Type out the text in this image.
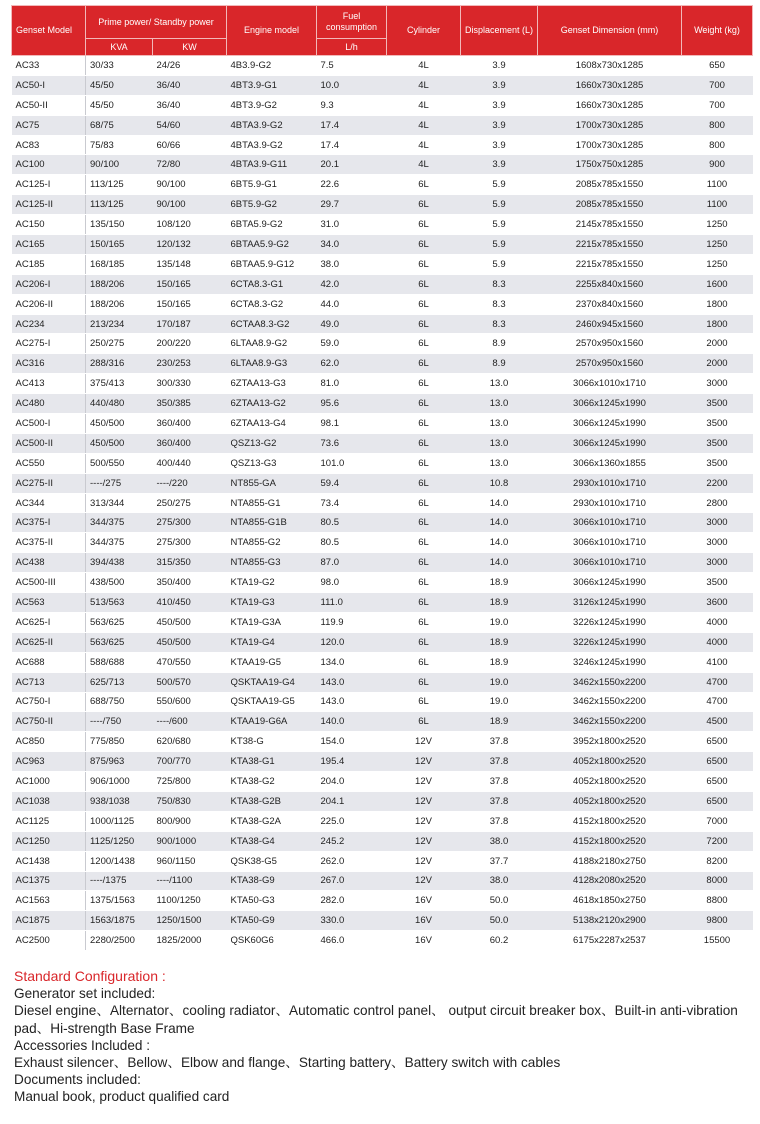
Genset Model	Prime power/ Standby power		Engine model	Fuel consumption	Cylinder	Displacement (L)	Genset Dimension (mm)	Weight (kg)
	KVA	KW		L/h				
AC33	30/33	24/26	4B3.9-G2	7.5	4L	3.9	1608x730x1285	650
AC50-I	45/50	36/40	4BT3.9-G1	10.0	4L	3.9	1660x730x1285	700
AC50-II	45/50	36/40	4BT3.9-G2	9.3	4L	3.9	1660x730x1285	700
AC75	68/75	54/60	4BTA3.9-G2	17.4	4L	3.9	1700x730x1285	800
AC83	75/83	60/66	4BTA3.9-G2	17.4	4L	3.9	1700x730x1285	800
AC100	90/100	72/80	4BTA3.9-G11	20.1	4L	3.9	1750x750x1285	900
AC125-I	113/125	90/100	6BT5.9-G1	22.6	6L	5.9	2085x785x1550	1100
AC125-II	113/125	90/100	6BT5.9-G2	29.7	6L	5.9	2085x785x1550	1100
AC150	135/150	108/120	6BTA5.9-G2	31.0	6L	5.9	2145x785x1550	1250
AC165	150/165	120/132	6BTAA5.9-G2	34.0	6L	5.9	2215x785x1550	1250
AC185	168/185	135/148	6BTAA5.9-G12	38.0	6L	5.9	2215x785x1550	1250
AC206-I	188/206	150/165	6CTA8.3-G1	42.0	6L	8.3	2255x840x1560	1600
AC206-II	188/206	150/165	6CTA8.3-G2	44.0	6L	8.3	2370x840x1560	1800
AC234	213/234	170/187	6CTAA8.3-G2	49.0	6L	8.3	2460x945x1560	1800
AC275-I	250/275	200/220	6LTAA8.9-G2	59.0	6L	8.9	2570x950x1560	2000
AC316	288/316	230/253	6LTAA8.9-G3	62.0	6L	8.9	2570x950x1560	2000
AC413	375/413	300/330	6ZTAA13-G3	81.0	6L	13.0	3066x1010x1710	3000
AC480	440/480	350/385	6ZTAA13-G2	95.6	6L	13.0	3066x1245x1990	3500
AC500-I	450/500	360/400	6ZTAA13-G4	98.1	6L	13.0	3066x1245x1990	3500
AC500-II	450/500	360/400	QSZ13-G2	73.6	6L	13.0	3066x1245x1990	3500
AC550	500/550	400/440	QSZ13-G3	101.0	6L	13.0	3066x1360x1855	3500
AC275-II	----/275	----/220	NT855-GA	59.4	6L	10.8	2930x1010x1710	2200
AC344	313/344	250/275	NTA855-G1	73.4	6L	14.0	2930x1010x1710	2800
AC375-I	344/375	275/300	NTA855-G1B	80.5	6L	14.0	3066x1010x1710	3000
AC375-II	344/375	275/300	NTA855-G2	80.5	6L	14.0	3066x1010x1710	3000
AC438	394/438	315/350	NTA855-G3	87.0	6L	14.0	3066x1010x1710	3000
AC500-III	438/500	350/400	KTA19-G2	98.0	6L	18.9	3066x1245x1990	3500
AC563	513/563	410/450	KTA19-G3	111.0	6L	18.9	3126x1245x1990	3600
AC625-I	563/625	450/500	KTA19-G3A	119.9	6L	19.0	3226x1245x1990	4000
AC625-II	563/625	450/500	KTA19-G4	120.0	6L	18.9	3226x1245x1990	4000
AC688	588/688	470/550	KTAA19-G5	134.0	6L	18.9	3246x1245x1990	4100
AC713	625/713	500/570	QSKTAA19-G4	143.0	6L	19.0	3462x1550x2200	4700
AC750-I	688/750	550/600	QSKTAA19-G5	143.0	6L	19.0	3462x1550x2200	4700
AC750-II	----/750	----/600	KTAA19-G6A	140.0	6L	18.9	3462x1550x2200	4500
AC850	775/850	620/680	KT38-G	154.0	12V	37.8	3952x1800x2520	6500
AC963	875/963	700/770	KTA38-G1	195.4	12V	37.8	4052x1800x2520	6500
AC1000	906/1000	725/800	KTA38-G2	204.0	12V	37.8	4052x1800x2520	6500
AC1038	938/1038	750/830	KTA38-G2B	204.1	12V	37.8	4052x1800x2520	6500
AC1125	1000/1125	800/900	KTA38-G2A	225.0	12V	37.8	4152x1800x2520	7000
AC1250	1125/1250	900/1000	KTA38-G4	245.2	12V	38.0	4152x1800x2520	7200
AC1438	1200/1438	960/1150	QSK38-G5	262.0	12V	37.7	4188x2180x2750	8200
AC1375	----/1375	----/1100	KTA38-G9	267.0	12V	38.0	4128x2080x2520	8000
AC1563	1375/1563	1100/1250	KTA50-G3	282.0	16V	50.0	4618x1850x2750	8800
AC1875	1563/1875	1250/1500	KTA50-G9	330.0	16V	50.0	5138x2120x2900	9800
AC2500	2280/2500	1825/2000	QSK60G6	466.0	16V	60.2	6175x2287x2537	15500

Standard Configuration :

Generator set included:

Diesel engine、Alternator、cooling radiator、Automatic control panel、 output circuit breaker box、Built-in anti-vibration pad、Hi-strength Base Frame

Accessories Included :

Exhaust silencer、Bellow、Elbow and flange、Starting battery、Battery switch with cables

Documents included:

Manual book, product qualified card
